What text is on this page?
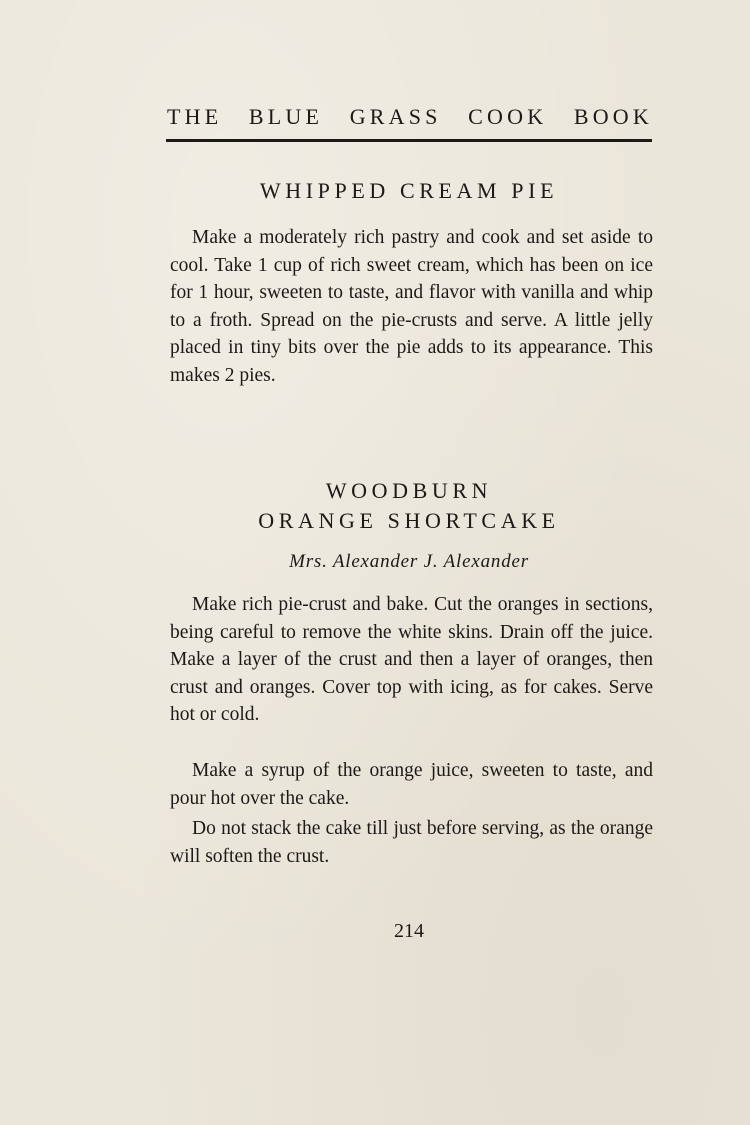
THE BLUE GRASS COOK BOOK
WHIPPED CREAM PIE

Make a moderately rich pastry and cook and set aside to cool. Take 1 cup of rich sweet cream, which has been on ice for 1 hour, sweeten to taste, and flavor with vanilla and whip to a froth. Spread on the pie-crusts and serve. A little jelly placed in tiny bits over the pie adds to its appearance. This makes 2 pies.

WOODBURN
ORANGE SHORTCAKE
Mrs. Alexander J. Alexander

Make rich pie-crust and bake. Cut the oranges in sections, being careful to remove the white skins. Drain off the juice. Make a layer of the crust and then a layer of oranges, then crust and oranges. Cover top with icing, as for cakes. Serve hot or cold.

Make a syrup of the orange juice, sweeten to taste, and pour hot over the cake.

Do not stack the cake till just before serving, as the orange will soften the crust.

214
